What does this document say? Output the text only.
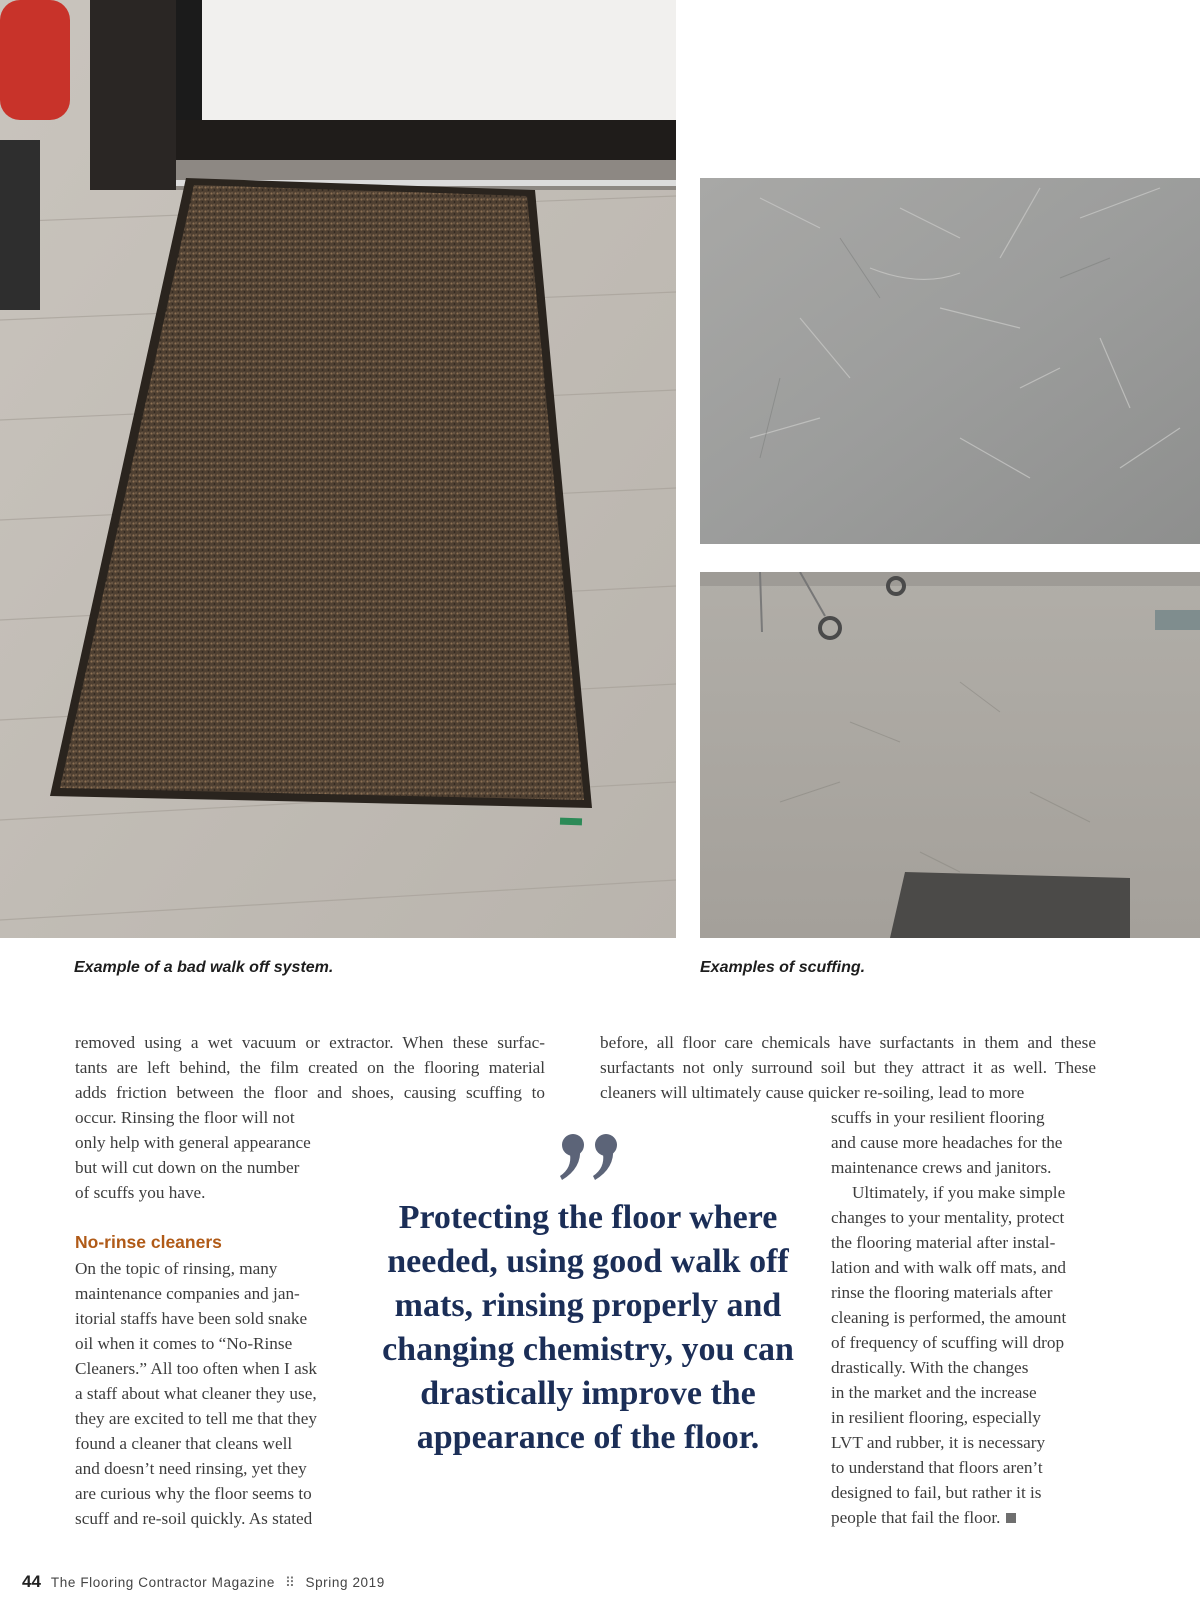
Example of a bad walk off system.	Examples of scuffing.

removed using a wet vacuum or extractor. When these surfac-

tants are left behind, the film created on the flooring material

adds friction between the floor and shoes, causing scuffing to

occur. Rinsing the floor will not

only help with general appearance

but will cut down on the number

of scuffs you have.

No-rinse cleaners

On the topic of rinsing, many

maintenance companies and jan-

itorial staffs have been sold snake

oil when it comes to “No-Rinse

Cleaners.” All too often when I ask

a staff about what cleaner they use,

they are excited to tell me that they

found a cleaner that cleans well

and doesn’t need rinsing, yet they

are curious why the floor seems to

scuff and re-soil quickly. As stated

before, all floor care chemicals have surfactants in them and these

surfactants not only surround soil but they attract it as well. These

cleaners will ultimately cause quicker re-soiling, lead to more

scuffs in your resilient flooring

and cause more headaches for the

maintenance crews and janitors.

Ultimately, if you make simple

changes to your mentality, protect

the flooring material after instal-

lation and with walk off mats, and

rinse the flooring materials after

cleaning is performed, the amount

of frequency of scuffing will drop

drastically. With the changes

in the market and the increase

in resilient flooring, especially

LVT and rubber, it is necessary

to understand that floors aren’t

designed to fail, but rather it is

people that fail the floor.

Protecting the floor where needed, using good walk off mats, rinsing properly and changing chemistry, you can drastically improve the appearance of the floor.
44 The Flooring Contractor Magazine ⠿ Spring 2019
